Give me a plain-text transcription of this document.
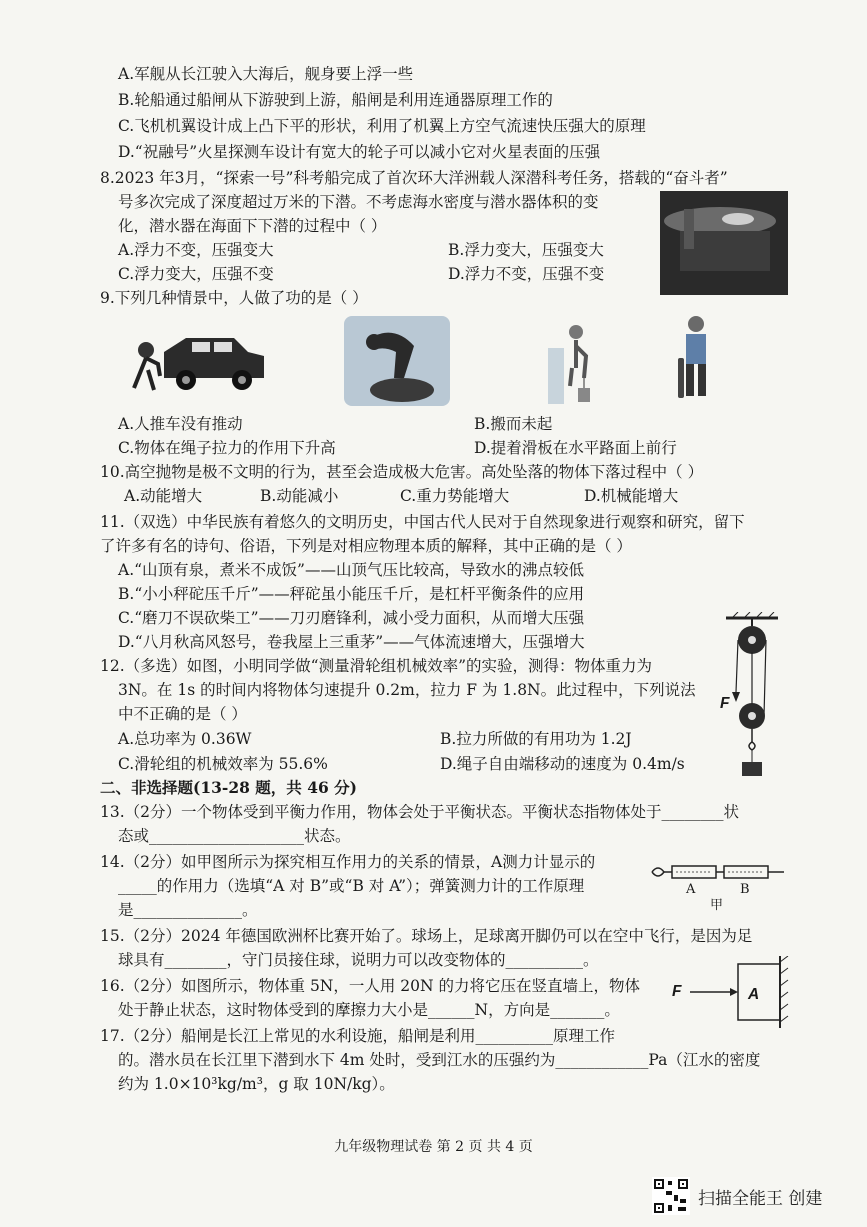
A.军舰从长江驶入大海后，舰身要上浮一些
B.轮船通过船闸从下游驶到上游，船闸是利用连通器原理工作的
C.飞机机翼设计成上凸下平的形状，利用了机翼上方空气流速快压强大的原理
D.“祝融号”火星探测车设计有宽大的轮子可以减小它对火星表面的压强
8.2023 年3月，“探索一号”科考船完成了首次环大洋洲载人深潜科考任务，搭载的“奋斗者”
号多次完成了深度超过万米的下潜。不考虑海水密度与潜水器体积的变
化，潜水器在海面下下潜的过程中（ ）
A.浮力不变，压强变大	B.浮力变大，压强变大
C.浮力变大，压强不变	D.浮力不变，压强不变
9.下列几种情景中，人做了功的是（ ）
A.人推车没有推动	B.搬而未起
C.物体在绳子拉力的作用下升高	D.提着滑板在水平路面上前行
10.高空抛物是极不文明的行为，甚至会造成极大危害。高处坠落的物体下落过程中（ ）
A.动能增大	B.动能减小	C.重力势能增大	D.机械能增大
11.（双选）中华民族有着悠久的文明历史，中国古代人民对于自然现象进行观察和研究，留下
了许多有名的诗句、俗语，下列是对相应物理本质的解释，其中正确的是（ ）
A.“山顶有泉，煮米不成饭”——山顶气压比较高，导致水的沸点较低
B.“小小秤砣压千斤”——秤砣虽小能压千斤，是杠杆平衡条件的应用
C.“磨刀不误砍柴工”——刀刃磨锋利，减小受力面积，从而增大压强
D.“八月秋高风怒号，卷我屋上三重茅”——气体流速增大，压强增大
F
12.（多选）如图，小明同学做“测量滑轮组机械效率”的实验，测得：物体重力为
3N。在 1s 的时间内将物体匀速提升 0.2m，拉力 F 为 1.8N。此过程中，下列说法
中不正确的是（ ）
A.总功率为 0.36W	B.拉力所做的有用功为 1.2J
C.滑轮组的机械效率为 55.6%	D.绳子自由端移动的速度为 0.4m/s
二、非选择题(13-28 题，共 46 分)
13.（2分）一个物体受到平衡力作用，物体会处于平衡状态。平衡状态指物体处于________状
态或____________________状态。
14.（2分）如甲图所示为探究相互作用力的关系的情景，A测力计显示的
_____的作用力（选填“A 对 B”或“B 对 A”）；弹簧测力计的工作原理
是______________。
A	B
甲
15.（2分）2024 年德国欧洲杯比赛开始了。球场上，足球离开脚仍可以在空中飞行，是因为足
球具有________，守门员接住球，说明力可以改变物体的__________。
16.（2分）如图所示，物体重 5N，一人用 20N 的力将它压在竖直墙上，物体
处于静止状态，这时物体受到的摩擦力大小是______N，方向是_______。
F	A
17.（2分）船闸是长江上常见的水利设施，船闸是利用__________原理工作
的。潜水员在长江里下潜到水下 4m 处时，受到江水的压强约为____________Pa（江水的密度
约为 1.0×10³kg/m³，g 取 10N/kg）。
九年级物理试卷 第 2 页 共 4 页
扫描全能王 创建
